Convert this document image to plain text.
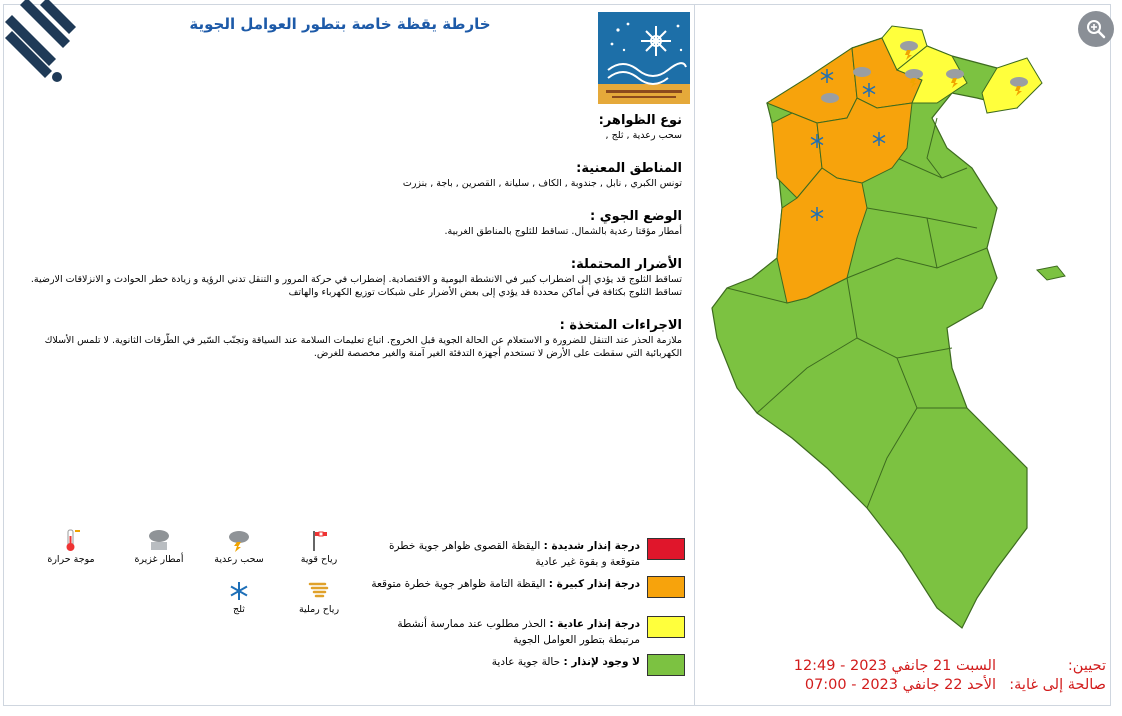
خارطة يقظة خاصة بتطور العوامل الجوية
نوع الظواهر:
سحب رعدية , ثلج ,
المناطق المعنية:
تونس الكبري , نابل , جندوبة , الكاف , سليانة , القصرين , باجة , بنزرت
الوضع الجوي :
أمطار مؤقتا رعدية بالشمال. تساقط للثلوج بالمناطق الغربية.
الأضرار المحتملة:
تساقط الثلوج قد يؤدي إلى اضطراب كبير في الانشطة اليومية و الاقتصادية. إضطراب في حركة المرور و التنقل تدني الرؤية و زيادة خطر الحوادث و الانزلاقات الارضية. تساقط الثلوج بكثافة في أماكن محددة قد يؤدي إلى بعض الأضرار على شبكات توزيع الكهرباء والهاتف
الاجراءات المتخذة :
ملازمة الحذر عند التنقل للضرورة و الاستعلام عن الحالة الجوية قبل الخروج. اتباع تعليمات السلامة عند السياقة وتجنّب السّير في الطّرقات الثانوية. لا تلمس الأسلاك الكهربائية التي سقطت على الأرض لا تستخدم أجهزة التدفئة الغير آمنة والغير مخصصة للغرض.
درجة إنذار شديدة : اليقظة القصوى ظواهر جوية خطرة متوقعة و بقوة غير عادية
درجة إنذار كبيرة : اليقظة التامة ظواهر جوية خطرة متوقعة
درجة إنذار عادية : الحذر مطلوب عند ممارسة أنشطة مرتبطة بتطور العوامل الجوية
لا وجود لإنذار : حالة جوية عادية
رياح قوية
سحب رعدية
أمطار غزيرة
موجة حرارة
رياح رملية
ثلج
تحيين:
السبت 21 جانفي 2023 - 12:49
صالحة إلى غاية:
الأحد 22 جانفي 2023 - 07:00
